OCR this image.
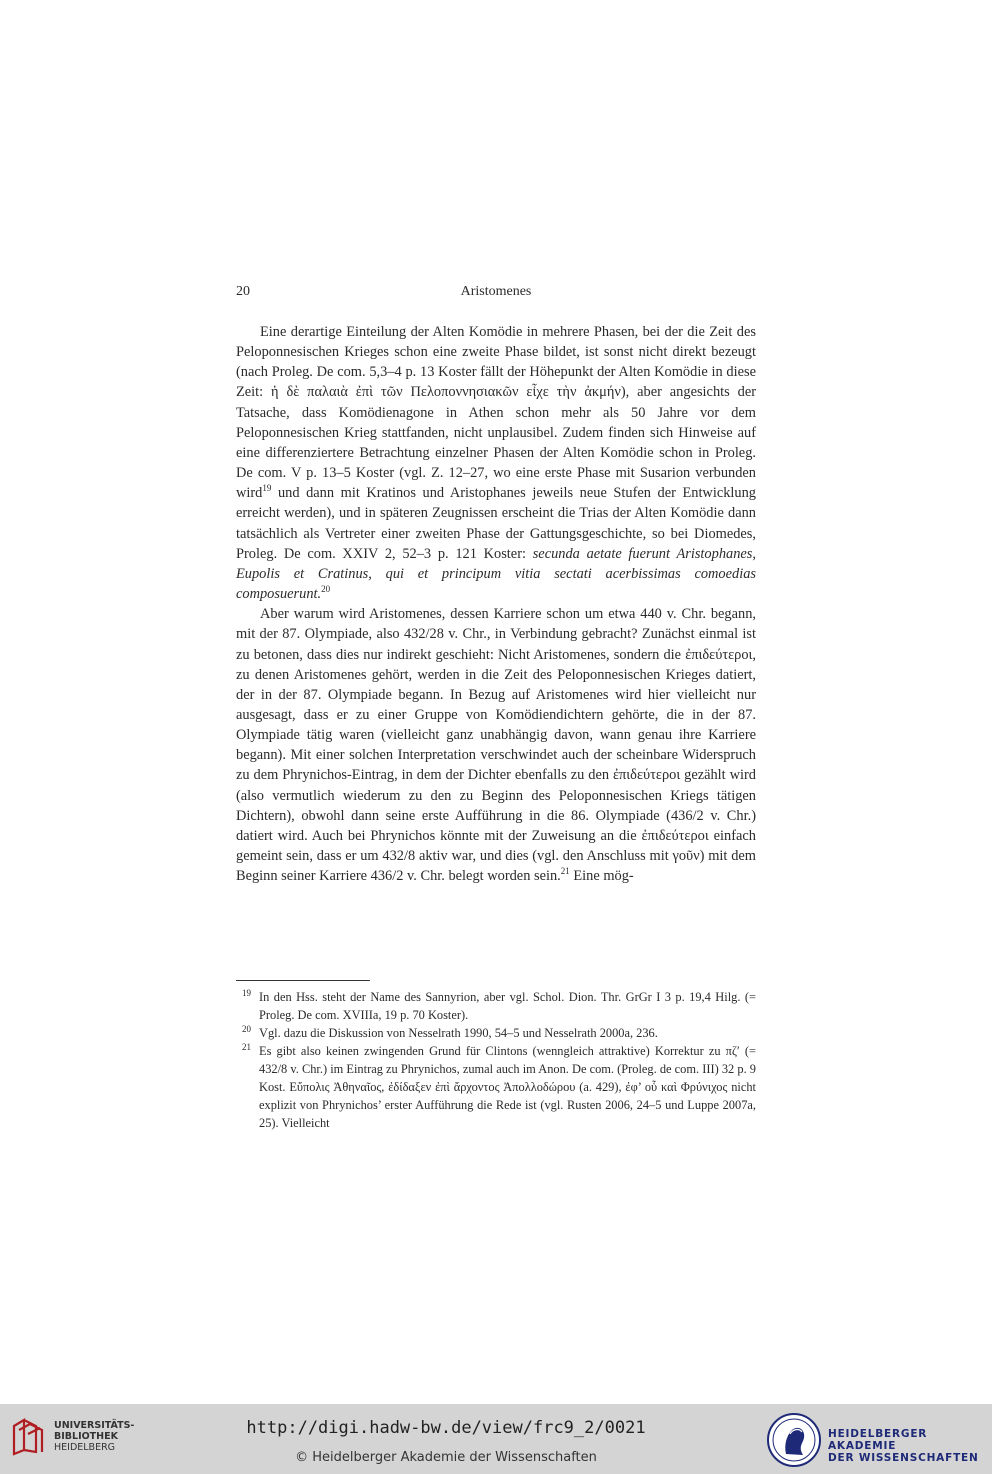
20	Aristomenes

Eine derartige Einteilung der Alten Komödie in mehrere Phasen, bei der die Zeit des Peloponnesischen Krieges schon eine zweite Phase bildet, ist sonst nicht direkt bezeugt (nach Proleg. De com. 5,3–4 p. 13 Koster fällt der Höhepunkt der Alten Komödie in diese Zeit: ἡ δὲ παλαιὰ ἐπὶ τῶν Πελοποννησιακῶν εἶχε τὴν ἀκμήν), aber angesichts der Tatsache, dass Komödienagone in Athen schon mehr als 50 Jahre vor dem Peloponnesischen Krieg stattfanden, nicht unplausibel. Zudem finden sich Hinweise auf eine differenziertere Betrachtung einzelner Phasen der Alten Komödie schon in Proleg. De com. V p. 13–5 Koster (vgl. Z. 12–27, wo eine erste Phase mit Susarion verbunden wird$^{19}$ und dann mit Kratinos und Aristophanes jeweils neue Stufen der Entwicklung erreicht werden), und in späteren Zeugnissen erscheint die Trias der Alten Komödie dann tatsächlich als Vertreter einer zweiten Phase der Gattungsgeschichte, so bei Diomedes, Proleg. De com. XXIV 2, 52–3 p. 121 Koster: secunda aetate fuerunt Aristophanes, Eupolis et Cratinus, qui et principum vitia sectati acerbissimas comoedias composuerunt.$^{20}$

Aber warum wird Aristomenes, dessen Karriere schon um etwa 440 v. Chr. begann, mit der 87. Olympiade, also 432/28 v. Chr., in Verbindung gebracht? Zunächst einmal ist zu betonen, dass dies nur indirekt geschieht: Nicht Aristomenes, sondern die ἐπιδεύτεροι, zu denen Aristomenes gehört, werden in die Zeit des Peloponnesischen Krieges datiert, der in der 87. Olympiade begann. In Bezug auf Aristomenes wird hier vielleicht nur ausgesagt, dass er zu einer Gruppe von Komödiendichtern gehörte, die in der 87. Olympiade tätig waren (vielleicht ganz unabhängig davon, wann genau ihre Karriere begann). Mit einer solchen Interpretation verschwindet auch der scheinbare Widerspruch zu dem Phrynichos-Eintrag, in dem der Dichter ebenfalls zu den ἐπιδεύτεροι gezählt wird (also vermutlich wiederum zu den zu Beginn des Peloponnesischen Kriegs tätigen Dichtern), obwohl dann seine erste Aufführung in die 86. Olympiade (436/2 v. Chr.) datiert wird. Auch bei Phrynichos könnte mit der Zuweisung an die ἐπιδεύτεροι einfach gemeint sein, dass er um 432/8 aktiv war, und dies (vgl. den Anschluss mit γοῦν) mit dem Beginn seiner Karriere 436/2 v. Chr. belegt worden sein.$^{21}$ Eine mög-

19 In den Hss. steht der Name des Sannyrion, aber vgl. Schol. Dion. Thr. GrGr I 3 p. 19,4 Hilg. (= Proleg. De com. XVIIIa, 19 p. 70 Koster).

20 Vgl. dazu die Diskussion von Nesselrath 1990, 54–5 und Nesselrath 2000a, 236.

21 Es gibt also keinen zwingenden Grund für Clintons (wenngleich attraktive) Korrektur zu πζʹ (= 432/8 v. Chr.) im Eintrag zu Phrynichos, zumal auch im Anon. De com. (Proleg. de com. III) 32 p. 9 Kost. Εὔπολις Ἀθηναῖος, ἐδίδαξεν ἐπὶ ἄρχοντος Ἀπολλοδώρου (a. 429), ἐφ’ οὗ καὶ Φρύνιχος nicht explizit von Phrynichos’ erster Aufführung die Rede ist (vgl. Rusten 2006, 24–5 und Luppe 2007a, 25). Vielleicht

UNIVERSITÄTS-
BIBLIOTHEK
HEIDELBERG
http://digi.hadw-bw.de/view/frc9_2/0021
© Heidelberger Akademie der Wissenschaften
HEIDELBERGER AKADEMIE
DER WISSENSCHAFTEN
